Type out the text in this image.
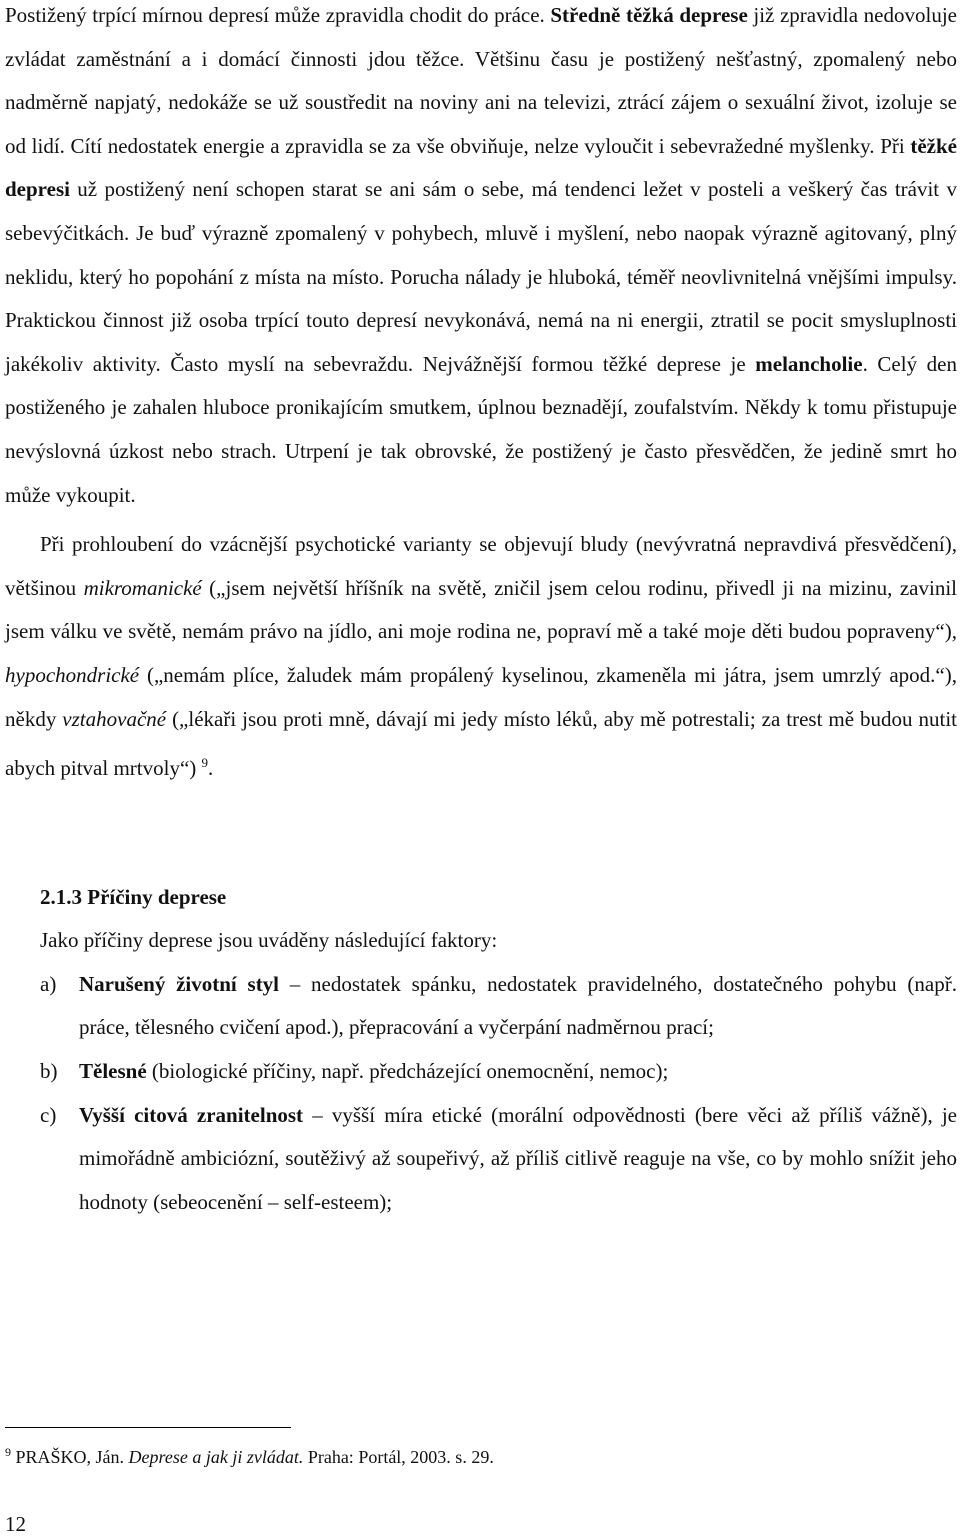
Postižený trpící mírnou depresí může zpravidla chodit do práce. Středně těžká deprese již zpravidla nedovoluje zvládat zaměstnání a i domácí činnosti jdou těžce. Většinu času je postižený nešťastný, zpomalený nebo nadměrně napjatý, nedokáže se už soustředit na noviny ani na televizi, ztrácí zájem o sexuální život, izoluje se od lidí. Cítí nedostatek energie a zpravidla se za vše obviňuje, nelze vyloučit i sebevražedné myšlenky. Při těžké depresi už postižený není schopen starat se ani sám o sebe, má tendenci ležet v posteli a veškerý čas trávit v sebevýčitkách. Je buď výrazně zpomalený v pohybech, mluvě i myšlení, nebo naopak výrazně agitovaný, plný neklidu, který ho popohání z místa na místo. Porucha nálady je hluboká, téměř neovlivnitelná vnějšími impulsy. Praktickou činnost již osoba trpící touto depresí nevykonává, nemá na ni energii, ztratil se pocit smysluplnosti jakékoliv aktivity. Často myslí na sebevraždu. Nejvážnější formou těžké deprese je melancholie. Celý den postiženého je zahalen hluboce pronikajícím smutkem, úplnou beznadějí, zoufalstvím. Někdy k tomu přistupuje nevýslovná úzkost nebo strach. Utrpení je tak obrovské, že postižený je často přesvědčen, že jedině smrt ho může vykoupit.

Při prohloubení do vzácnější psychotické varianty se objevují bludy (nevývratná nepravdivá přesvědčení), většinou mikromanické („jsem největší hříšník na světě, zničil jsem celou rodinu, přivedl ji na mizinu, zavinil jsem válku ve světě, nemám právo na jídlo, ani moje rodina ne, popraví mě a také moje děti budou popraveny“), hypochondrické („nemám plíce, žaludek mám propálený kyselinou, zkameněla mi játra, jsem umrzlý apod.“), někdy vztahovačné („lékaři jsou proti mně, dávají mi jedy místo léků, aby mě potrestali; za trest mě budou nutit abych pitval mrtvoly“) $^9$.

2.1.3 Příčiny deprese
Jako příčiny deprese jsou uváděny následující faktory:
a) Narušený životní styl – nedostatek spánku, nedostatek pravidelného, dostatečného pohybu (např. práce, tělesného cvičení apod.), přepracování a vyčerpání nadměrnou prací;
b) Tělesné (biologické příčiny, např. předcházející onemocnění, nemoc);
c) Vyšší citová zranitelnost – vyšší míra etické (morální odpovědnosti (bere věci až příliš vážně), je mimořádně ambiciózní, soutěživý až soupeřivý, až příliš citlivě reaguje na vše, co by mohlo snížit jeho hodnoty (sebeocenění – self-esteem);
$^9$ PRAŠKO, Ján. Deprese a jak ji zvládat. Praha: Portál, 2003. s. 29.
12
